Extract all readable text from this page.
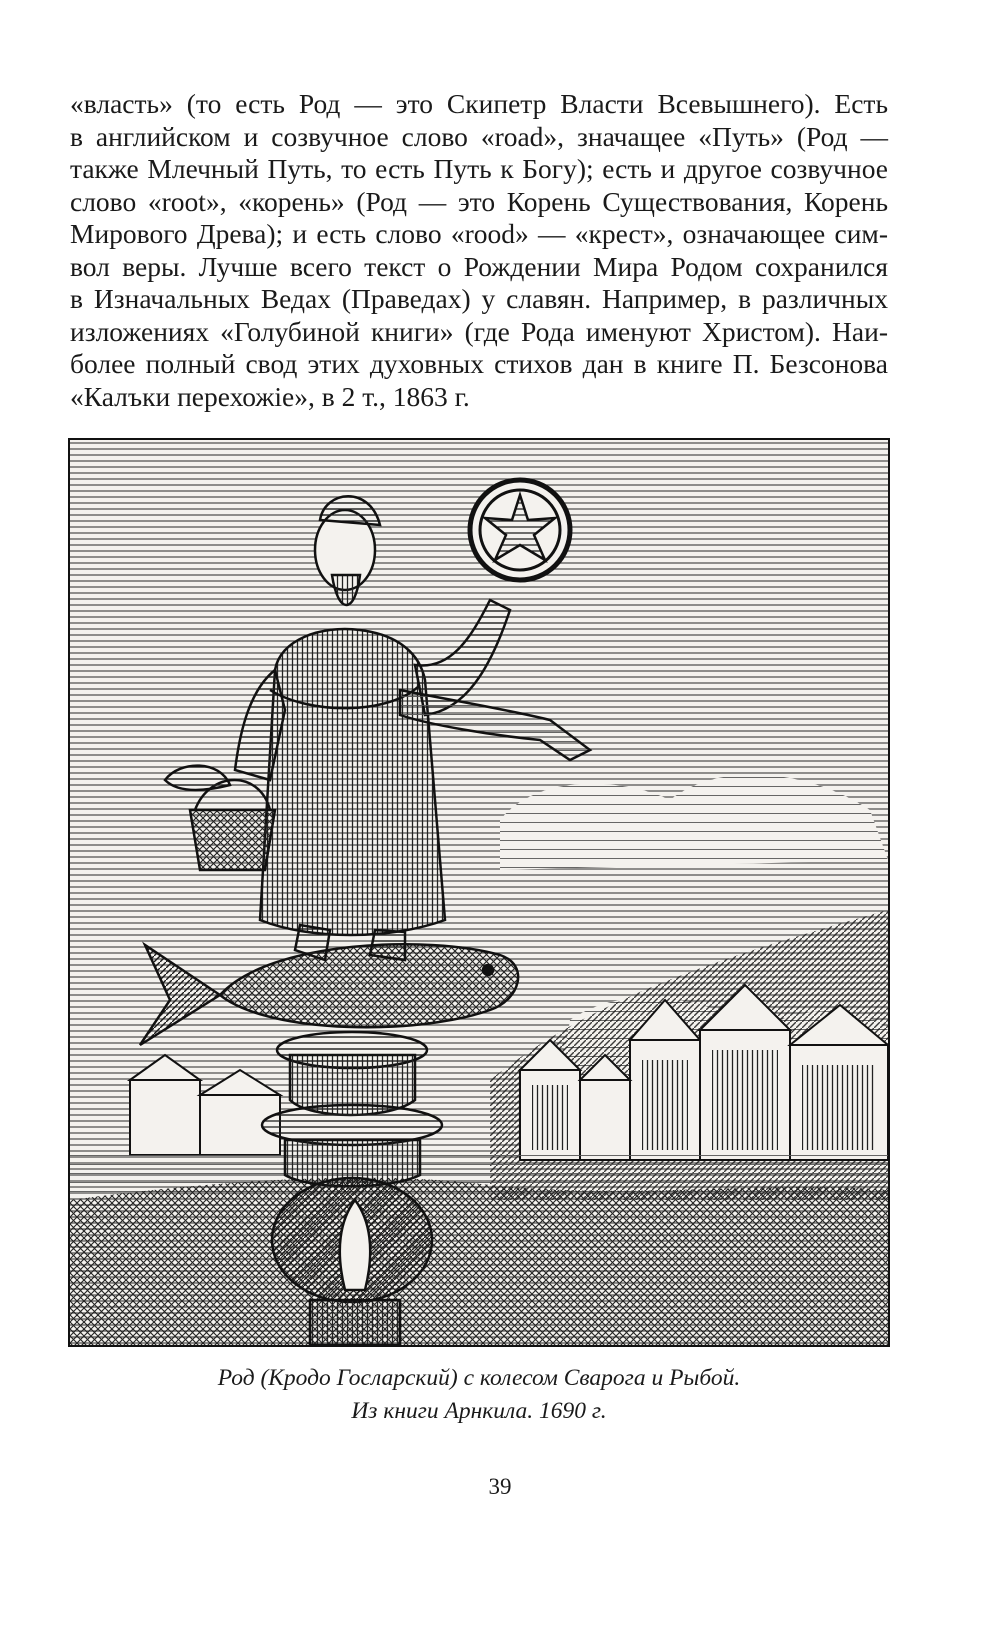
«власть» (то есть Род — это Скипетр Власти Всевышнего). Есть
в английском и созвучное слово «road», значащее «Путь» (Род —
также Млечный Путь, то есть Путь к Богу); есть и другое созвучное
слово «root», «корень» (Род — это Корень Существования, Корень
Мирового Древа); и есть слово «rood» — «крест», означающее сим-
вол веры. Лучше всего текст о Рождении Мира Родом сохранился
в Изначальных Ведах (Праведах) у славян. Например, в различных
изложениях «Голубиной книги» (где Рода именуют Христом). Наи-
более полный свод этих духовных стихов дан в книге П. Безсонова
«Калъки перехожiе», в 2 т., 1863 г.
Род (Кродо Госларский) с колесом Сварога и Рыбой.
Из книги Арнкила. 1690 г.
39
